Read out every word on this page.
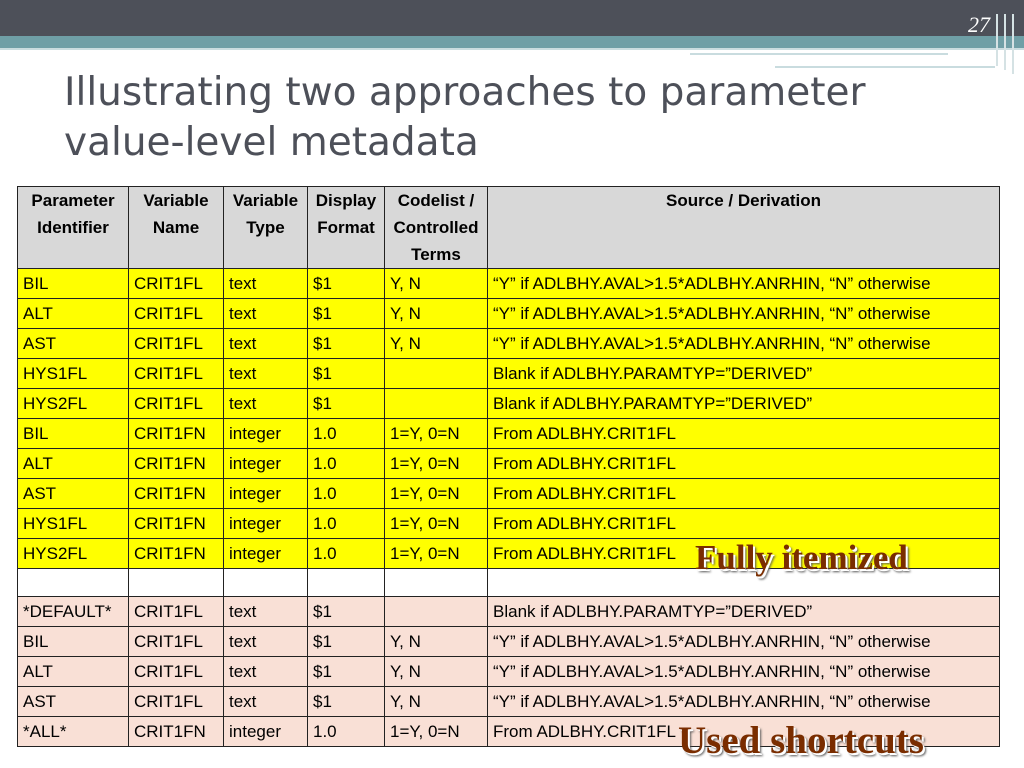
27
Illustrating two approaches to parameter value-level metadata
Parameter Identifier	Variable Name	Variable Type	Display Format	Codelist / Controlled Terms	Source / Derivation
BIL	CRIT1FL	text	$1	Y, N	“Y” if ADLBHY.AVAL>1.5*ADLBHY.ANRHIN, “N” otherwise
ALT	CRIT1FL	text	$1	Y, N	“Y” if ADLBHY.AVAL>1.5*ADLBHY.ANRHIN, “N” otherwise
AST	CRIT1FL	text	$1	Y, N	“Y” if ADLBHY.AVAL>1.5*ADLBHY.ANRHIN, “N” otherwise
HYS1FL	CRIT1FL	text	$1		Blank if ADLBHY.PARAMTYP=”DERIVED”
HYS2FL	CRIT1FL	text	$1		Blank if ADLBHY.PARAMTYP=”DERIVED”
BIL	CRIT1FN	integer	1.0	1=Y, 0=N	From ADLBHY.CRIT1FL
ALT	CRIT1FN	integer	1.0	1=Y, 0=N	From ADLBHY.CRIT1FL
AST	CRIT1FN	integer	1.0	1=Y, 0=N	From ADLBHY.CRIT1FL
HYS1FL	CRIT1FN	integer	1.0	1=Y, 0=N	From ADLBHY.CRIT1FL
HYS2FL	CRIT1FN	integer	1.0	1=Y, 0=N	From ADLBHY.CRIT1FL

*DEFAULT*	CRIT1FL	text	$1		Blank if ADLBHY.PARAMTYP=”DERIVED”
BIL	CRIT1FL	text	$1	Y, N	“Y” if ADLBHY.AVAL>1.5*ADLBHY.ANRHIN, “N” otherwise
ALT	CRIT1FL	text	$1	Y, N	“Y” if ADLBHY.AVAL>1.5*ADLBHY.ANRHIN, “N” otherwise
AST	CRIT1FL	text	$1	Y, N	“Y” if ADLBHY.AVAL>1.5*ADLBHY.ANRHIN, “N” otherwise
*ALL*	CRIT1FN	integer	1.0	1=Y, 0=N	From ADLBHY.CRIT1FL
Fully itemized
Used shortcuts
